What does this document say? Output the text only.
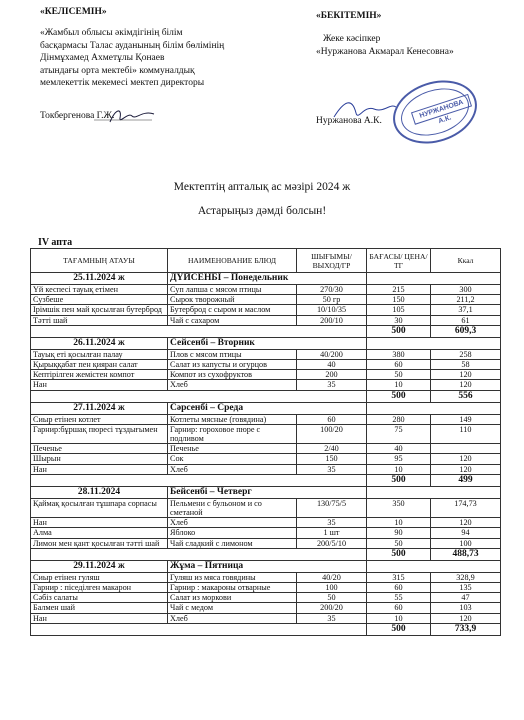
«КЕЛІСЕМІН»
«Жамбыл облысы әкімдігінің білім
басқармасы Талас ауданының білім бөлімінің
Дінмұхамед Ахметұлы Қонаев
атындағы орта мектебі» коммуналдық
мемлекеттік мекемесі мектеп директоры
Токбергенова Г.Ж.
«БЕКІТЕМІН»
Жеке кәсіпкер
«Нуржанова Акмарал Кенесовна»
НУРЖАНОВА А.К.
Нуржанова А.К.
Мектептің апталық ас мәзірі 2024 ж
Астарыңыз дәмді болсын!
IV апта
ТАҒАМНЫҢ АТАУЫ	НАИМЕНОВАНИЕ БЛЮД	ШЫҒЫМЫ/ ВЫХОД/ГР	БАҒАСЫ/ ЦЕНА/ТГ	Ккал
25.11.2024 ж	ДҮЙСЕНБІ – Понедельник			
Үй кеспесі тауық етімен	Суп лапша с мясом птицы	270/30	215	300
Сузбеше	Сырок творожный	50 гр	150	211,2
Ірімшік пен май қосылған бутерброд	Бутерброд с сыром и маслом	10/10/35	105	37,1
Тәтті шай	Чай с сахаром	200/10	30	61
			500	609,3
26.11.2024 ж	Сейсенбі – Вторник			
Тауық еті қосылған палау	Плов с мясом птицы	40/200	380	258
Қырыққабат пен қияран салат	Салат из капусты и огурцов	40	60	58
Кептірілген жемістен компот	Компот из сухофруктов	200	50	120
Нан	Хлеб	35	10	120
			500	556
27.11.2024 ж	Сәрсенбі – Среда			
Сиыр етінен котлет	Котлеты мясные (говядина)	60	280	149
Гарнир:бұршақ пюресі тұздығымен	Гарнир: гороховое пюре с подливом	100/20	75	110
Печенье	Печенье	2/40	40	
Шырын	Сок	150	95	120
Нан	Хлеб	35	10	120
			500	499
28.11.2024	Бейсенбі – Четверг			
Қаймақ қосылған тұшпара сорпасы	Пельмени с бульоном и со сметаной	130/75/5	350	174,73
Нан	Хлеб	35	10	120
Алма	Яблоко	1 шт	90	94
Лимон мен қант қосылған тәтті шай	Чай сладкий с лимоном	200/5/10	50	100
			500	488,73
29.11.2024 ж	Жұма – Пятница			
Сиыр етінен гуляш	Гуляш из мяса говядины	40/20	315	328,9
Гарнир : піседілген макарон	Гарнир : макароны отварные	100	60	135
Сәбіз салаты	Салат из моркови	50	55	47
Балмен шай	Чай с медом	200/20	60	103
Нан	Хлеб	35	10	120
			500	733,9
